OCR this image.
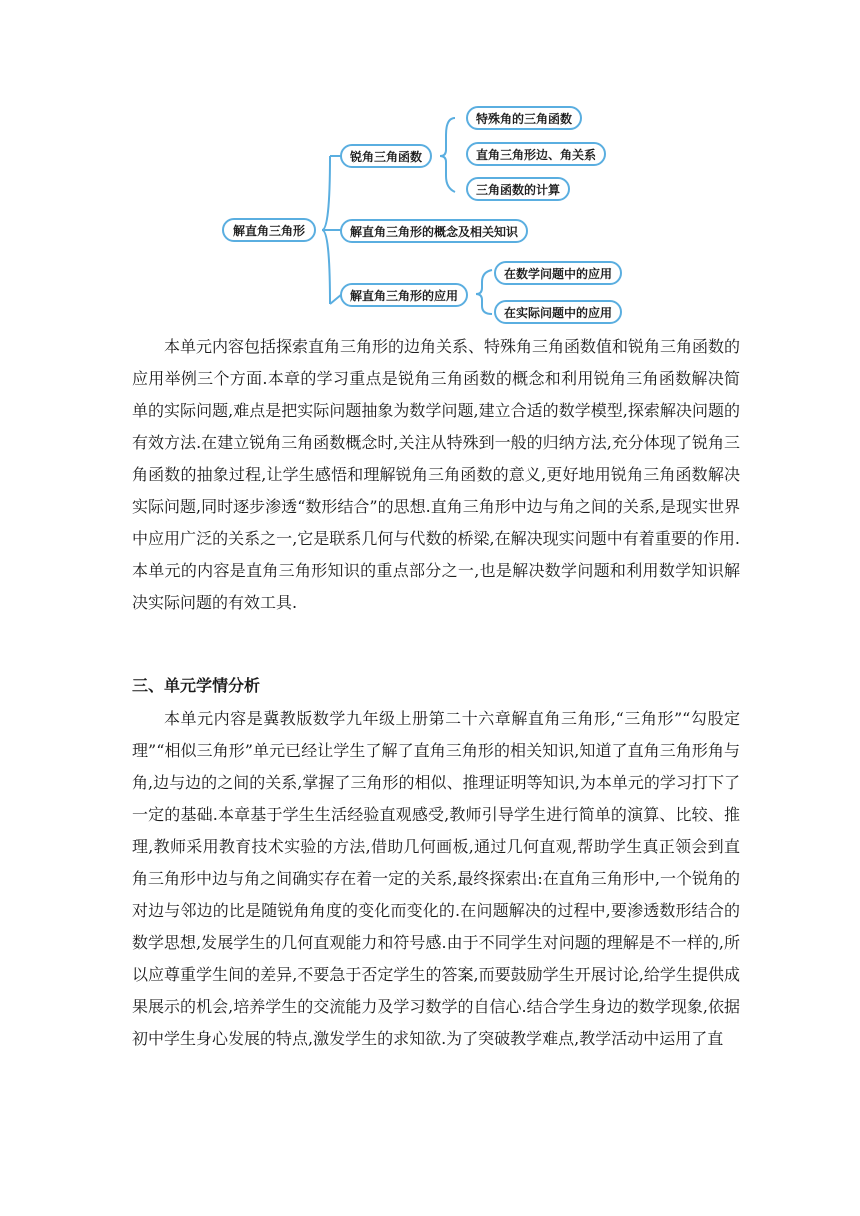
解直角三角形
锐角三角函数
特殊角的三角函数
直角三角形边、角关系
三角函数的计算
解直角三角形的概念及相关知识
解直角三角形的应用
在数学问题中的应用
在实际问题中的应用

本单元内容包括探索直角三角形的边角关系、特殊角三角函数值和锐角三角函数的应用举例三个方面.本章的学习重点是锐角三角函数的概念和利用锐角三角函数解决简单的实际问题,难点是把实际问题抽象为数学问题,建立合适的数学模型,探索解决问题的有效方法.在建立锐角三角函数概念时,关注从特殊到一般的归纳方法,充分体现了锐角三角函数的抽象过程,让学生感悟和理解锐角三角函数的意义,更好地用锐角三角函数解决实际问题,同时逐步渗透“数形结合”的思想.直角三角形中边与角之间的关系,是现实世界中应用广泛的关系之一,它是联系几何与代数的桥梁,在解决现实问题中有着重要的作用.本单元的内容是直角三角形知识的重点部分之一,也是解决数学问题和利用数学知识解决实际问题的有效工具.

三、单元学情分析

本单元内容是冀教版数学九年级上册第二十六章解直角三角形,“三角形”“勾股定理”“相似三角形”单元已经让学生了解了直角三角形的相关知识,知道了直角三角形角与角,边与边的之间的关系,掌握了三角形的相似、推理证明等知识,为本单元的学习打下了一定的基础.本章基于学生生活经验直观感受,教师引导学生进行简单的演算、比较、推理,教师采用教育技术实验的方法,借助几何画板,通过几何直观,帮助学生真正领会到直角三角形中边与角之间确实存在着一定的关系,最终探索出:在直角三角形中,一个锐角的对边与邻边的比是随锐角角度的变化而变化的.在问题解决的过程中,要渗透数形结合的数学思想,发展学生的几何直观能力和符号感.由于不同学生对问题的理解是不一样的,所以应尊重学生间的差异,不要急于否定学生的答案,而要鼓励学生开展讨论,给学生提供成果展示的机会,培养学生的交流能力及学习数学的自信心.结合学生身边的数学现象,依据初中学生身心发展的特点,激发学生的求知欲.为了突破教学难点,教学活动中运用了直
